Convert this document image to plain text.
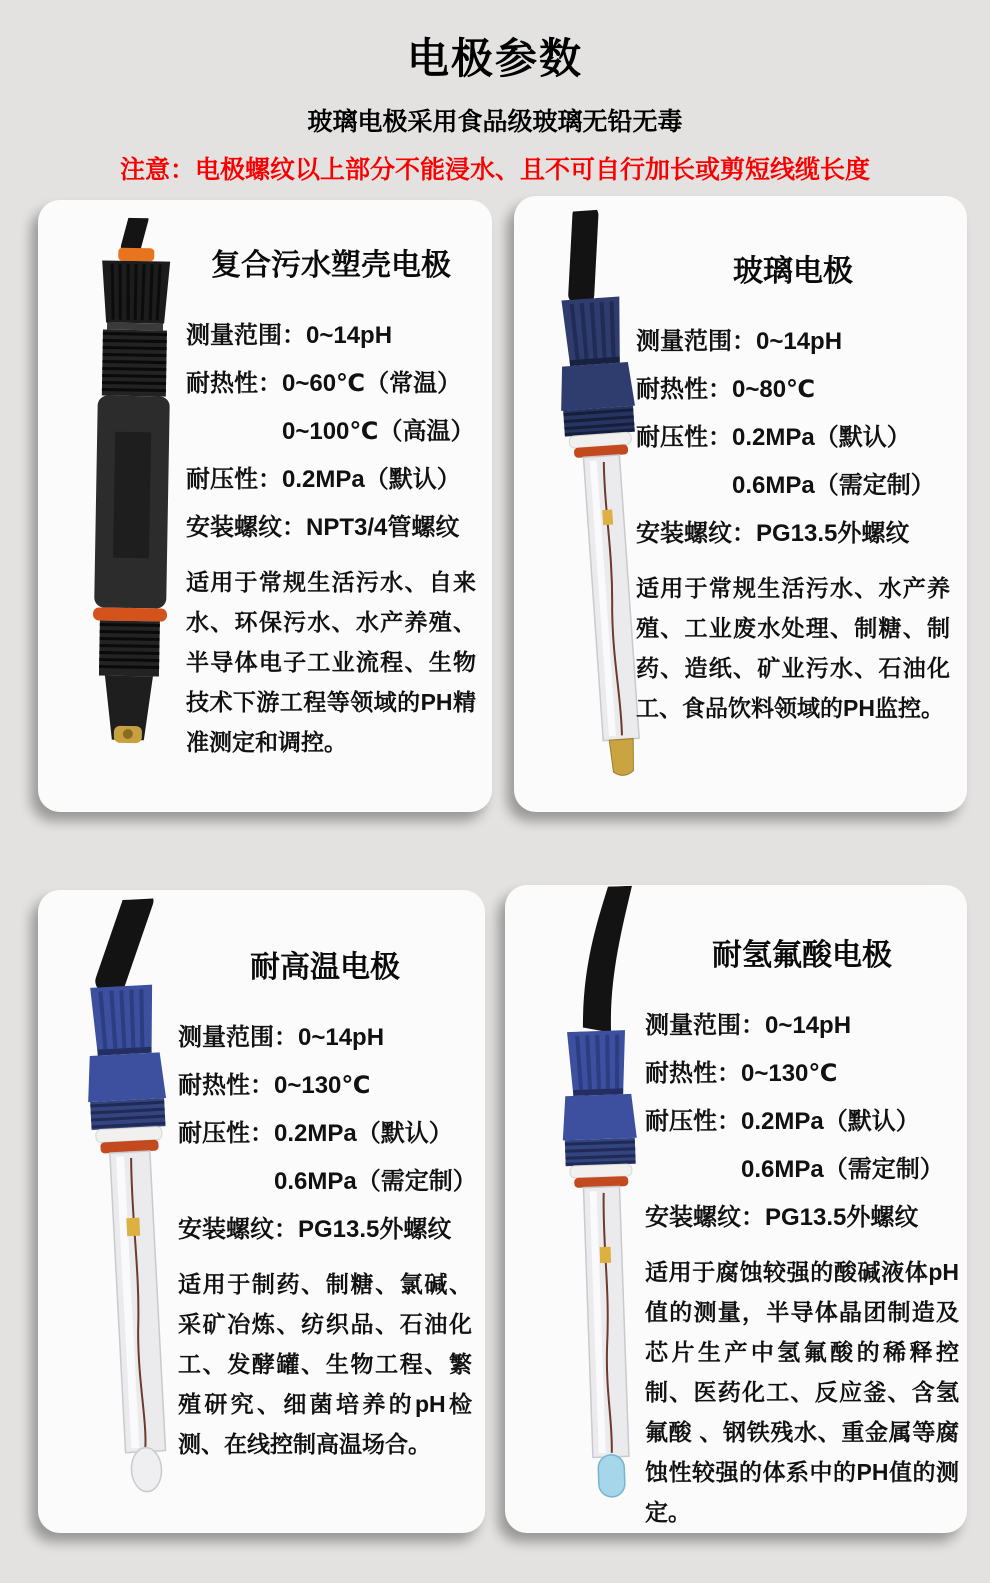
电极参数

玻璃电极采用食品级玻璃无铅无毒

注意：电极螺纹以上部分不能浸水、且不可自行加长或剪短线缆长度

复合污水塑壳电极
测量范围：0~14pH
耐热性：0~60℃（常温）
0~100℃（高温）
耐压性：0.2MPa（默认）
安装螺纹：NPT3/4管螺纹

适用于常规生活污水、自来水、环保污水、水产养殖、半导体电子工业流程、生物技术下游工程等领域的PH精准测定和调控。

玻璃电极
测量范围：0~14pH
耐热性：0~80℃
耐压性：0.2MPa（默认）
0.6MPa（需定制）
安装螺纹：PG13.5外螺纹

适用于常规生活污水、水产养殖、工业废水处理、制糖、制药、造纸、矿业污水、石油化工、食品饮料领域的PH监控。

耐高温电极
测量范围：0~14pH
耐热性：0~130℃
耐压性：0.2MPa（默认）
0.6MPa（需定制）
安装螺纹：PG13.5外螺纹

适用于制药、制糖、氯碱、采矿冶炼、纺织品、石油化工、发酵罐、生物工程、繁殖研究、细菌培养的pH检测、在线控制高温场合。

耐氢氟酸电极
测量范围：0~14pH
耐热性：0~130℃
耐压性：0.2MPa（默认）
0.6MPa（需定制）
安装螺纹：PG13.5外螺纹

适用于腐蚀较强的酸碱液体pH值的测量，半导体晶团制造及芯片生产中氢氟酸的稀释控制、医药化工、反应釜、含氢氟酸 、钢铁残水、重金属等腐蚀性较强的体系中的PH值的测定。
